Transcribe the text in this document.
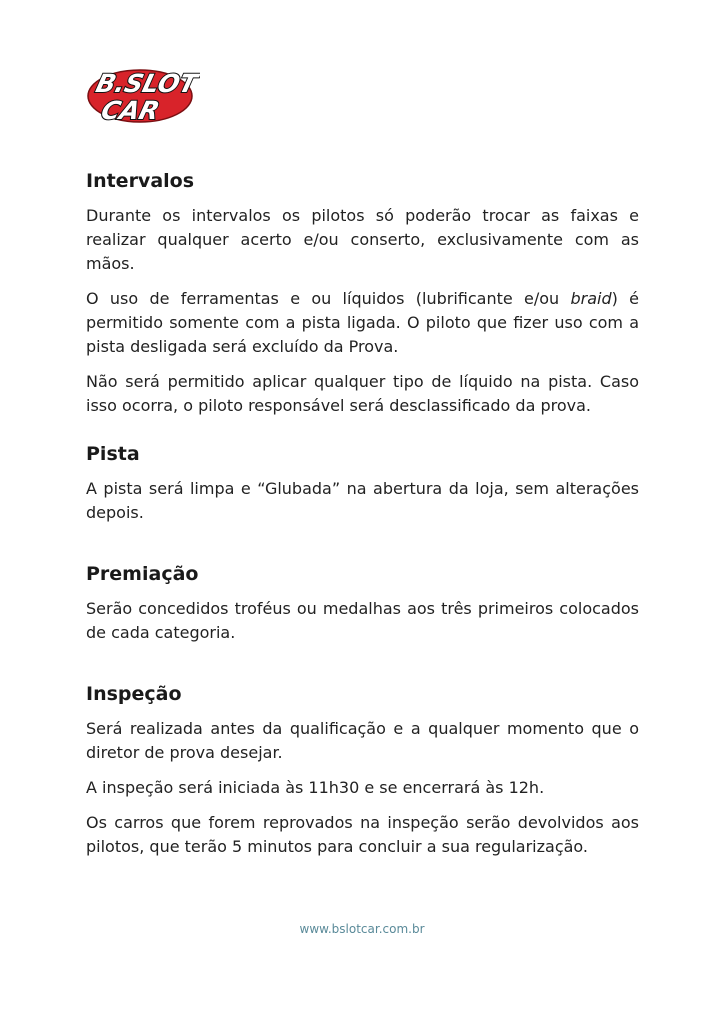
B.SLOT
CAR
Intervalos

Durante os intervalos os pilotos só poderão trocar as faixas e realizar qualquer acerto e/ou conserto, exclusivamente com as mãos.

O uso de ferramentas e ou líquidos (lubrificante e/ou braid) é permitido somente com a pista ligada. O piloto que fizer uso com a pista desligada será excluído da Prova.

Não será permitido aplicar qualquer tipo de líquido na pista. Caso isso ocorra, o piloto responsável será desclassificado da prova.

Pista

A pista será limpa e “Glubada” na abertura da loja, sem alterações depois.

Premiação

Serão concedidos troféus ou medalhas aos três primeiros colocados de cada categoria.

Inspeção

Será realizada antes da qualificação e a qualquer momento que o diretor de prova desejar.

A inspeção será iniciada às 11h30 e se encerrará às 12h.

Os carros que forem reprovados na inspeção serão devolvidos aos pilotos, que terão 5 minutos para concluir a sua regularização.

www.bslotcar.com.br
